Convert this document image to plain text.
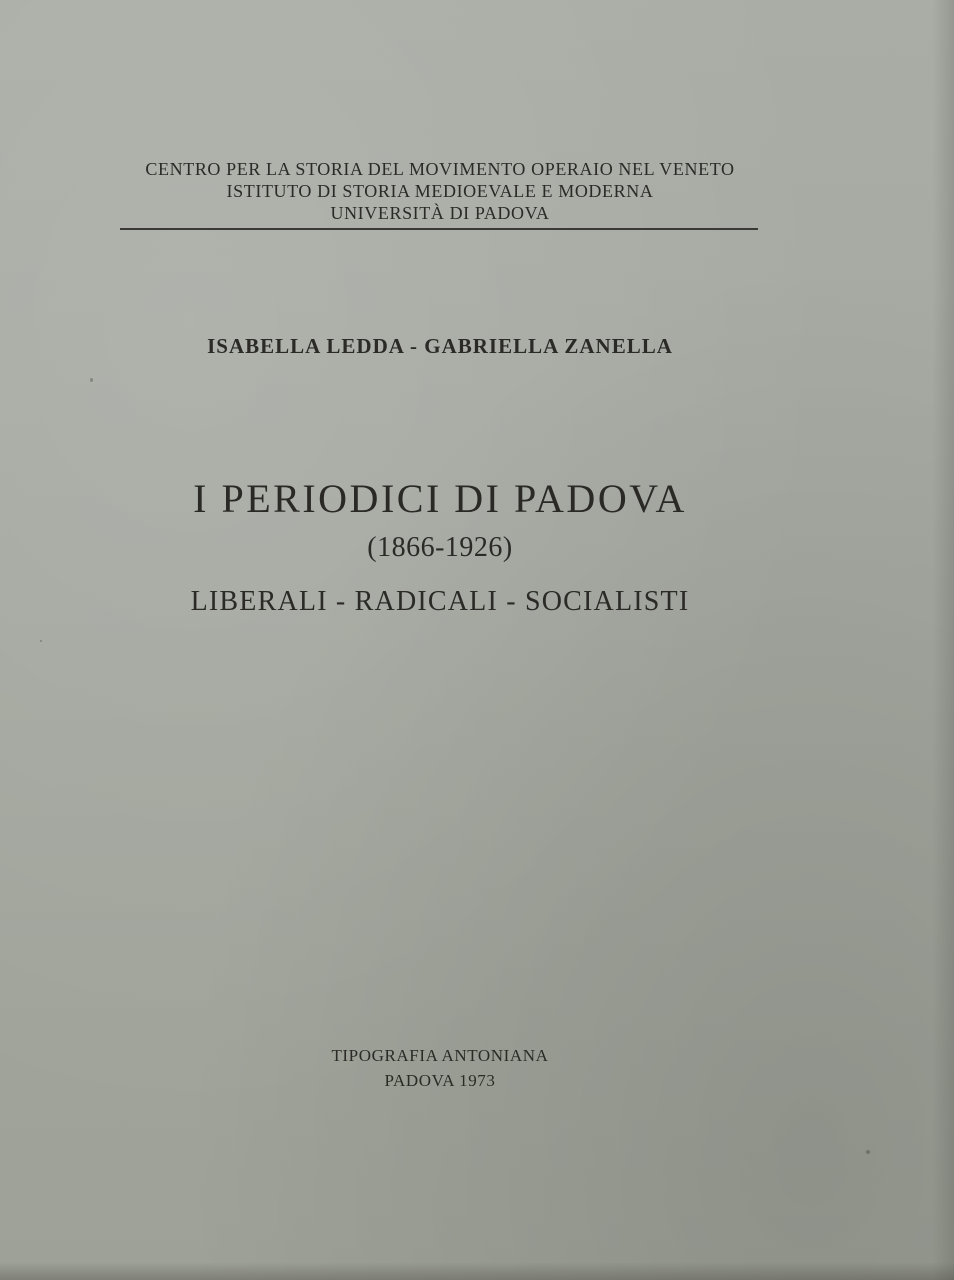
CENTRO PER LA STORIA DEL MOVIMENTO OPERAIO NEL VENETO
ISTITUTO DI STORIA MEDIOEVALE E MODERNA
UNIVERSITÀ DI PADOVA
ISABELLA LEDDA - GABRIELLA ZANELLA
I PERIODICI DI PADOVA
(1866-1926)
LIBERALI - RADICALI - SOCIALISTI
TIPOGRAFIA ANTONIANA
PADOVA 1973
